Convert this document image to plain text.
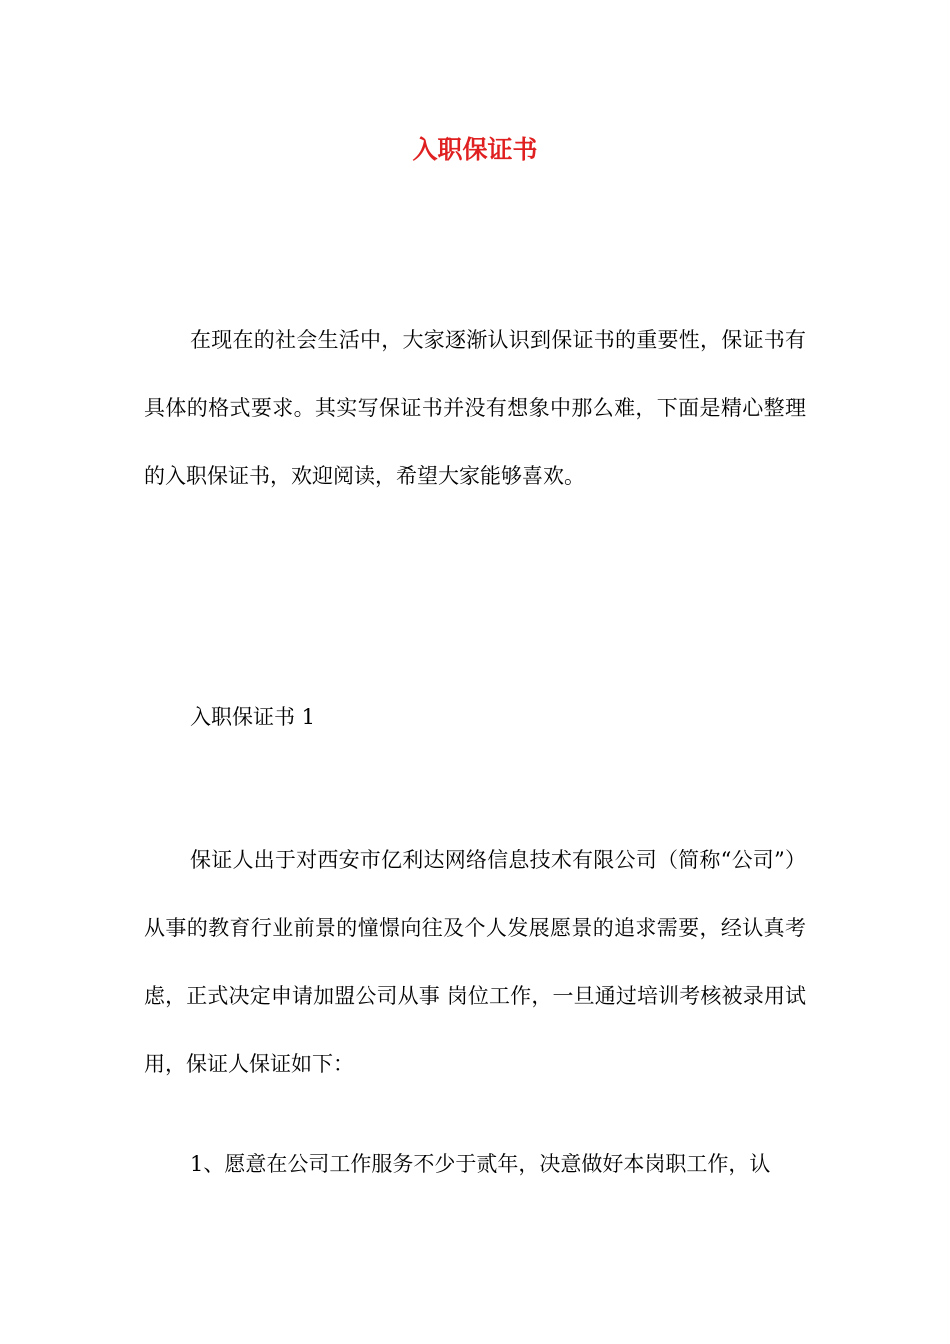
入职保证书

在现在的社会生活中，大家逐渐认识到保证书的重要性，保证书有具体的格式要求。其实写保证书并没有想象中那么难，下面是精心整理的入职保证书，欢迎阅读，希望大家能够喜欢。

入职保证书 1

保证人出于对西安市亿利达网络信息技术有限公司（简称“公司”）从事的教育行业前景的憧憬向往及个人发展愿景的追求需要，经认真考虑，正式决定申请加盟公司从事 岗位工作，一旦通过培训考核被录用试用，保证人保证如下：

1、愿意在公司工作服务不少于贰年，决意做好本岗职工作，认
